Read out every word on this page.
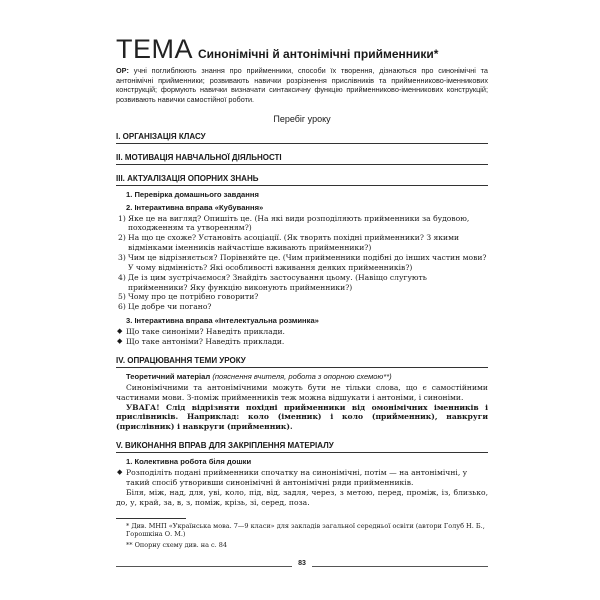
ТЕМА Синонімічні й антонімічні прийменники*

ОР: учні поглиблюють знання про прийменники, способи їх творення, дізнаються про синонімічні та антонімічні прийменники; розвивають навички розрізнення прислівників та прийменниково-іменникових конструкцій; формують навички визначати синтаксичну функцію прийменниково-іменникових конструкцій; розвивають навички самостійної роботи.

Перебіг уроку
I. ОРГАНІЗАЦІЯ КЛАСУ
II. МОТИВАЦІЯ НАВЧАЛЬНОЇ ДІЯЛЬНОСТІ
III. АКТУАЛІЗАЦІЯ ОПОРНИХ ЗНАНЬ
1. Перевірка домашнього завдання
2. Інтерактивна вправа «Кубування»
1) Яке це на вигляд? Опишіть це. (На які види розподіляють прийменники за будовою, походженням та утворенням?)
2) На що це схоже? Установіть асоціації. (Як творять похідні прийменники? З якими відмінками іменників найчастіше вживають прийменники?)
3) Чим це відрізняється? Порівняйте це. (Чим прийменники подібні до інших частин мови? У чому відмінність? Які особливості вживання деяких прийменників?)
4) Де із цим зустрічаємося? Знайдіть застосування цьому. (Навіщо слугують прийменники? Яку функцію виконують прийменники?)
5) Чому про це потрібно говорити?
6) Це добре чи погано?
3. Інтерактивна вправа «Інтелектуальна розминка»
◆ Що таке синоніми? Наведіть приклади.
◆ Що таке антоніми? Наведіть приклади.
IV. ОПРАЦЮВАННЯ ТЕМИ УРОКУ
Теоретичний матеріал (пояснення вчителя, робота з опорною схемою**)

Синонімічними та антонімічними можуть бути не тільки слова, що є самостійними частинами мови. З-поміж прийменників теж можна відшукати і антоніми, і синоніми.

УВАГА! Слід відрізняти похідні прийменники від омонімічних іменників і прислівників. Наприклад: коло (іменник) і коло (прийменник), навкруги (прислівник) і навкруги (прийменник).

V. ВИКОНАННЯ ВПРАВ ДЛЯ ЗАКРІПЛЕННЯ МАТЕРІАЛУ
1. Колективна робота біля дошки
◆ Розподіліть подані прийменники спочатку на синонімічні, потім — на антонімічні, у такий спосіб утворивши синонімічні й антонімічні ряди прийменників.

Біля, між, над, для, уві, коло, під, від, задля, через, з метою, перед, проміж, із, близько, до, у, край, за, в, з, поміж, крізь, зі, серед, поза.

* Див. МНП «Українська мова. 7—9 класи» для закладів загальної середньої освіти (автори Голуб Н. Б., Горошкіна О. М.)
** Опорну схему див. на с. 84
83
